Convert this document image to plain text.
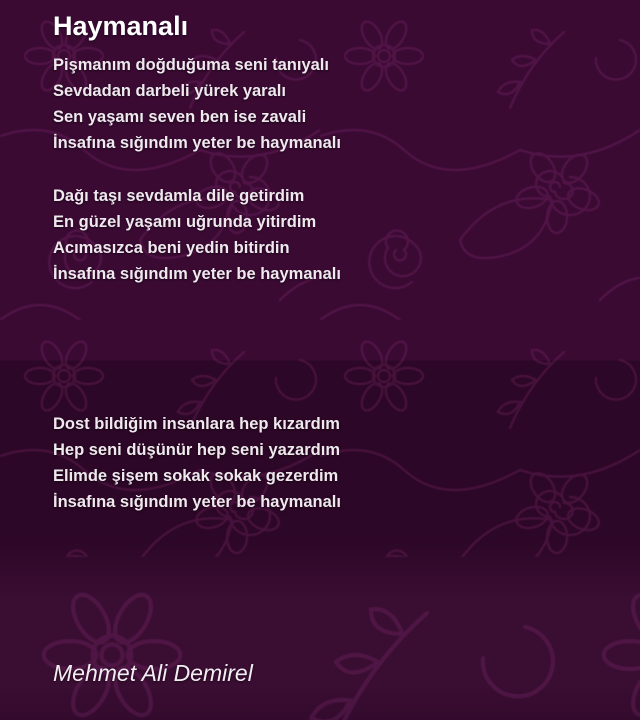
Haymanalı

Pişmanım doğduğuma seni tanıyalı

Sevdadan darbeli yürek yaralı

Sen yaşamı seven ben ise zavali

İnsafına sığındım yeter be haymanalı

Dağı taşı sevdamla dile getirdim

En güzel yaşamı uğrunda yitirdim

Acımasızca beni yedin bitirdin

İnsafına sığındım yeter be haymanalı

Dost bildiğim insanlara hep kızardım

Hep seni düşünür hep seni yazardım

Elimde şişem sokak sokak gezerdim

İnsafına sığındım yeter be haymanalı

Mehmet Ali Demirel
